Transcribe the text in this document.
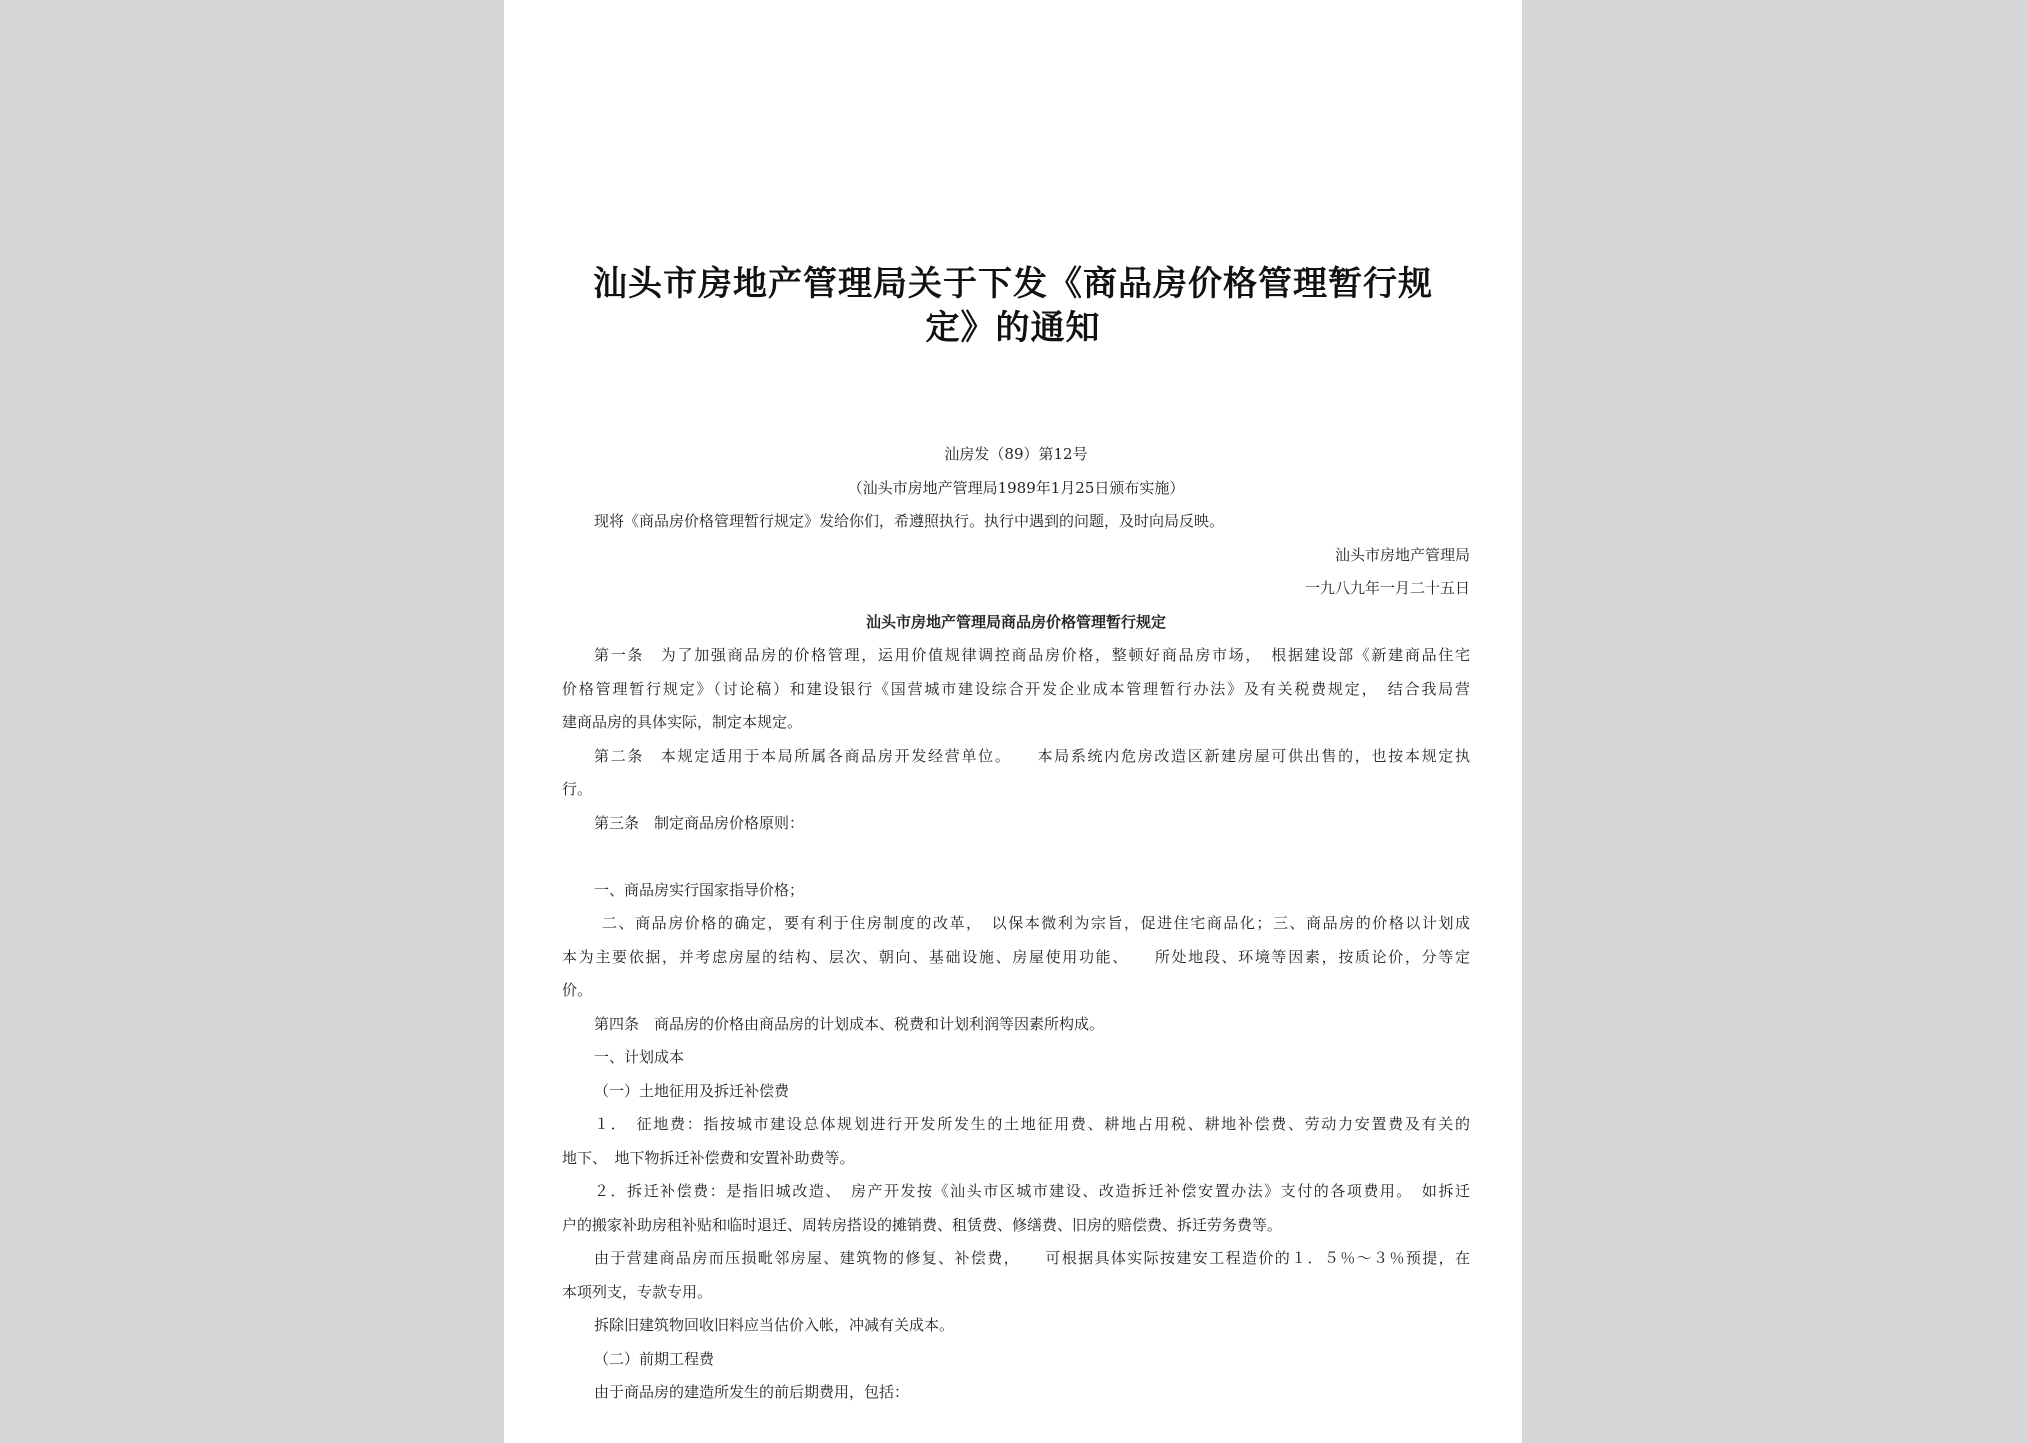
汕头市房地产管理局关于下发《商品房价格管理暂行规
定》的通知
汕房发（89）第12号
（汕头市房地产管理局1989年1月25日颁布实施）
现将《商品房价格管理暂行规定》发给你们，希遵照执行。执行中遇到的问题，及时向局反映。
汕头市房地产管理局
一九八九年一月二十五日
汕头市房地产管理局商品房价格管理暂行规定
第一条　为了加强商品房的价格管理，运用价值规律调控商品房价格，整顿好商品房市场，　根据建设部《新建商品住宅
价格管理暂行规定》（讨论稿）和建设银行《国营城市建设综合开发企业成本管理暂行办法》及有关税费规定，　结合我局营
建商品房的具体实际，制定本规定。
第二条　本规定适用于本局所属各商品房开发经营单位。　　本局系统内危房改造区新建房屋可供出售的，也按本规定执
行。
第三条　制定商品房价格原则：
一、商品房实行国家指导价格；
二、商品房价格的确定，要有利于住房制度的改革，　以保本微利为宗旨，促进住宅商品化；三、商品房的价格以计划成
本为主要依据，并考虑房屋的结构、层次、朝向、基础设施、房屋使用功能、　　所处地段、环境等因素，按质论价，分等定
价。
第四条　商品房的价格由商品房的计划成本、税费和计划利润等因素所构成。
一、计划成本
（一）土地征用及拆迁补偿费
１．　征地费：指按城市建设总体规划进行开发所发生的土地征用费、耕地占用税、耕地补偿费、劳动力安置费及有关的
地下、　地下物拆迁补偿费和安置补助费等。
２．拆迁补偿费：是指旧城改造、　房产开发按《汕头市区城市建设、改造拆迁补偿安置办法》支付的各项费用。　如拆迁
户的搬家补助房租补贴和临时退迁、周转房搭设的摊销费、租赁费、修缮费、旧房的赔偿费、拆迁劳务费等。
由于营建商品房而压损毗邻房屋、建筑物的修复、补偿费，　　可根据具体实际按建安工程造价的１．５％～３％预提，在
本项列支，专款专用。
拆除旧建筑物回收旧料应当估价入帐，冲减有关成本。
（二）前期工程费
由于商品房的建造所发生的前后期费用，包括：
